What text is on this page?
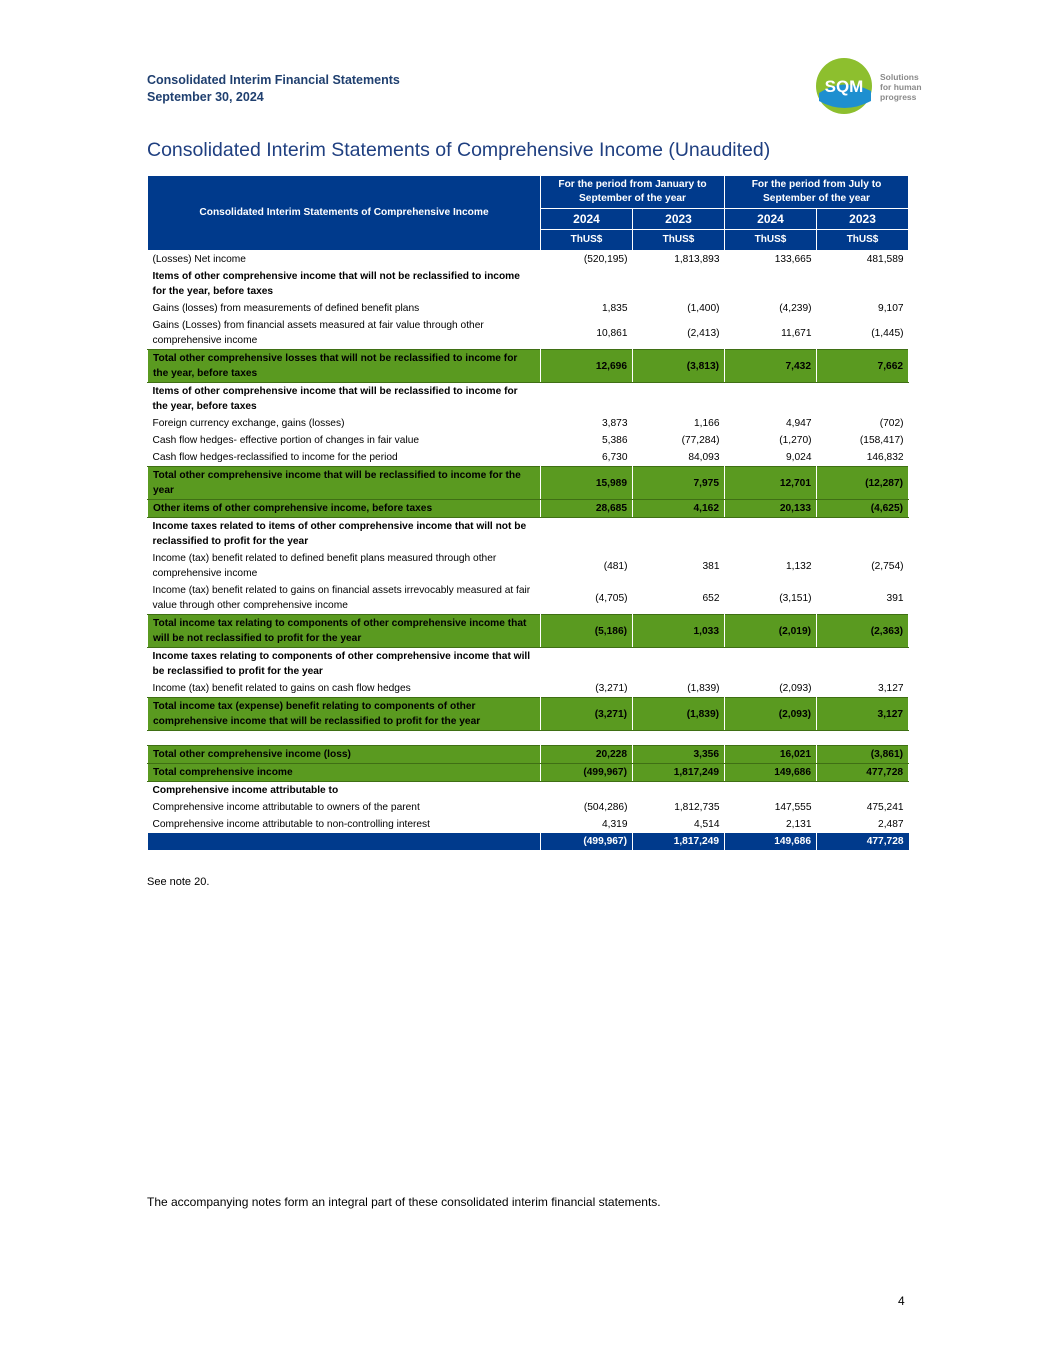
Consolidated Interim Financial Statements
September 30, 2024
SQM Solutions
for human
progress
Consolidated Interim Statements of Comprehensive Income (Unaudited)
Consolidated Interim Statements of Comprehensive Income	For the period from January to September of the year		For the period from July to September of the year	
	2024	2023	2024	2023
	ThUS$	ThUS$	ThUS$	ThUS$
(Losses) Net income	(520,195)	1,813,893	133,665	481,589
Items of other comprehensive income that will not be reclassified to income for the year, before taxes				
Gains (losses) from measurements of defined benefit plans	1,835	(1,400)	(4,239)	9,107
Gains (Losses) from financial assets measured at fair value through other comprehensive income	10,861	(2,413)	11,671	(1,445)
Total other comprehensive losses that will not be reclassified to income for the year, before taxes	12,696	(3,813)	7,432	7,662
Items of other comprehensive income that will be reclassified to income for the year, before taxes				
Foreign currency exchange, gains (losses)	3,873	1,166	4,947	(702)
Cash flow hedges- effective portion of changes in fair value	5,386	(77,284)	(1,270)	(158,417)
Cash flow hedges-reclassified to income for the period	6,730	84,093	9,024	146,832
Total other comprehensive income that will be reclassified to income for the year	15,989	7,975	12,701	(12,287)
Other items of other comprehensive income, before taxes	28,685	4,162	20,133	(4,625)
Income taxes related to items of other comprehensive income that will not be reclassified to profit for the year				
Income (tax) benefit related to defined benefit plans measured through other comprehensive income	(481)	381	1,132	(2,754)
Income (tax) benefit related to gains on financial assets irrevocably measured at fair value through other comprehensive income	(4,705)	652	(3,151)	391
Total income tax relating to components of other comprehensive income that will be not reclassified to profit for the year	(5,186)	1,033	(2,019)	(2,363)
Income taxes relating to components of other comprehensive income that will be reclassified to profit for the year				
Income (tax) benefit related to gains on cash flow hedges	(3,271)	(1,839)	(2,093)	3,127
Total income tax (expense) benefit relating to components of other comprehensive income that will be reclassified to profit for the year	(3,271)	(1,839)	(2,093)	3,127

Total other comprehensive income (loss)	20,228	3,356	16,021	(3,861)
Total comprehensive income	(499,967)	1,817,249	149,686	477,728
Comprehensive income attributable to				
Comprehensive income attributable to owners of the parent	(504,286)	1,812,735	147,555	475,241
Comprehensive income attributable to non-controlling interest	4,319	4,514	2,131	2,487
	(499,967)	1,817,249	149,686	477,728
See note 20.
The accompanying notes form an integral part of these consolidated interim financial statements.
4
